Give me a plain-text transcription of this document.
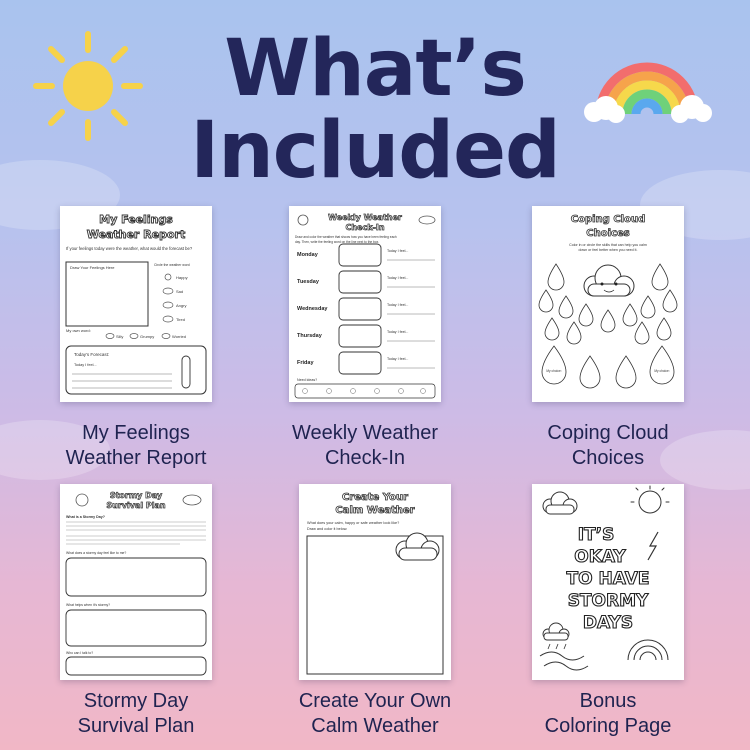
What’s
Included
My Feelings
Weather Report
If your feelings today were the weather, what would the forecast be?
Draw Your Feelings Here	Circle the weather word
Happy
Sad
Angry
Tired
Silly	Grumpy	Worried
My own word:
Today’s Forecast:
Today I feel...
My Feelings
Weather Report
Weekly Weather
Check-In
Draw and color the weather that shows how you have been feeling each
day. Then, write the feeling word on the line next to the box.
Monday
Tuesday
Wednesday
Thursday
Friday
Today I feel...
Today I feel...
Today I feel...
Today I feel...
Today I feel...
Need ideas?
Weekly Weather
Check-In
Coping Cloud
Choices
Color in or circle the skills that can help you calm
down or feel better when you need it.
My choice:	My choice:
Coping Cloud
Choices
Stormy Day
Survival Plan
What is a Stormy Day?
What does a stormy day feel like to me?
What helps when it’s stormy?
Who can I talk to?
Stormy Day
Survival Plan
Create Your
Calm Weather
What does your calm, happy or safe weather look like?
Draw and color it below.
Create Your Own
Calm Weather
IT’S
OKAY
TO HAVE
STORMY
DAYS
Bonus
Coloring Page
